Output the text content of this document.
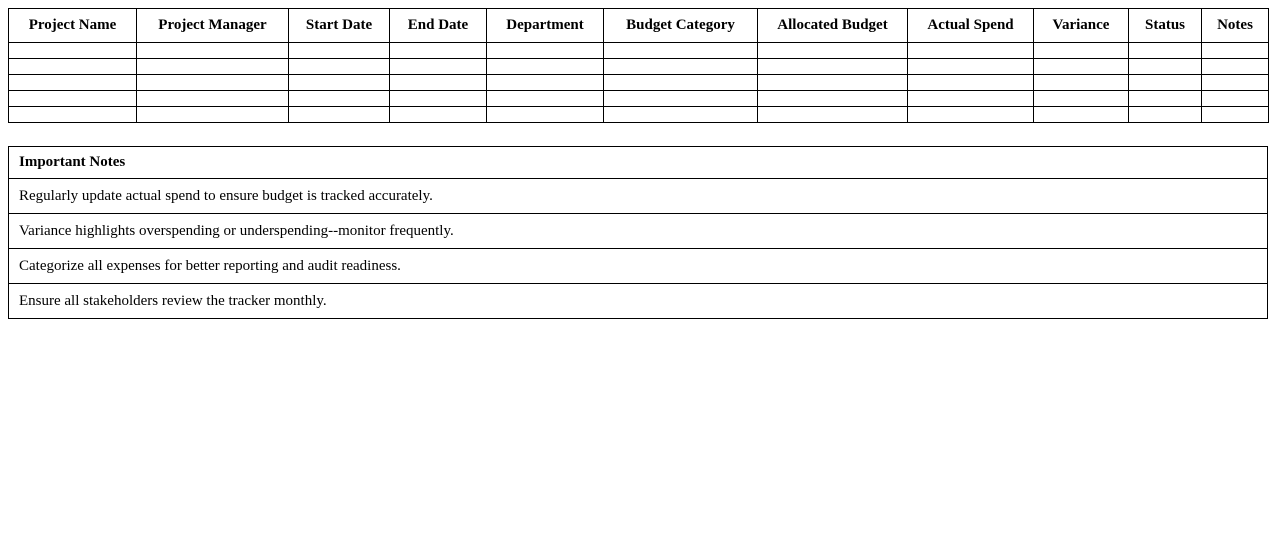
Project Name	Project Manager	Start Date	End Date	Department	Budget Category	Allocated Budget	Actual Spend	Variance	Status	Notes

Important Notes
Regularly update actual spend to ensure budget is tracked accurately.
Variance highlights overspending or underspending--monitor frequently.
Categorize all expenses for better reporting and audit readiness.
Ensure all stakeholders review the tracker monthly.
